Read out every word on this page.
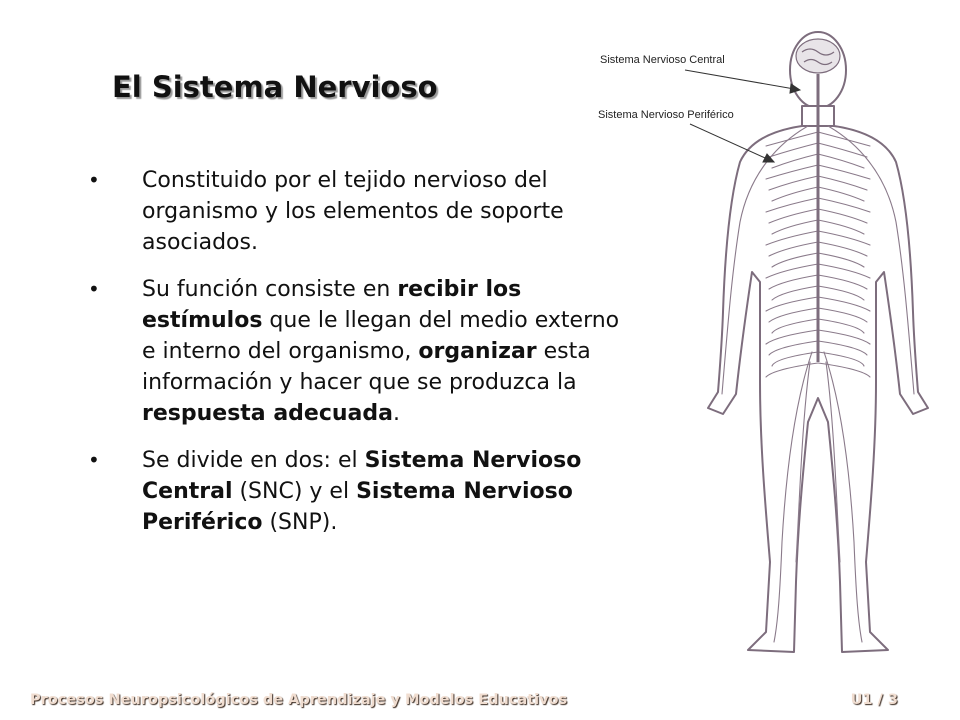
El Sistema Nervioso
• Constituido por el tejido nervioso del organismo y los elementos de soporte asociados.
• Su función consiste en recibir los estímulos que le llegan del medio externo e interno del organismo, organizar esta información y hacer que se produzca la respuesta adecuada.
• Se divide en dos: el Sistema Nervioso Central (SNC) y el Sistema Nervioso Periférico (SNP).
Sistema Nervioso Central
Sistema Nervioso Periférico
Procesos Neuropsicológicos de Aprendizaje y Modelos Educativos	U1 / 3
